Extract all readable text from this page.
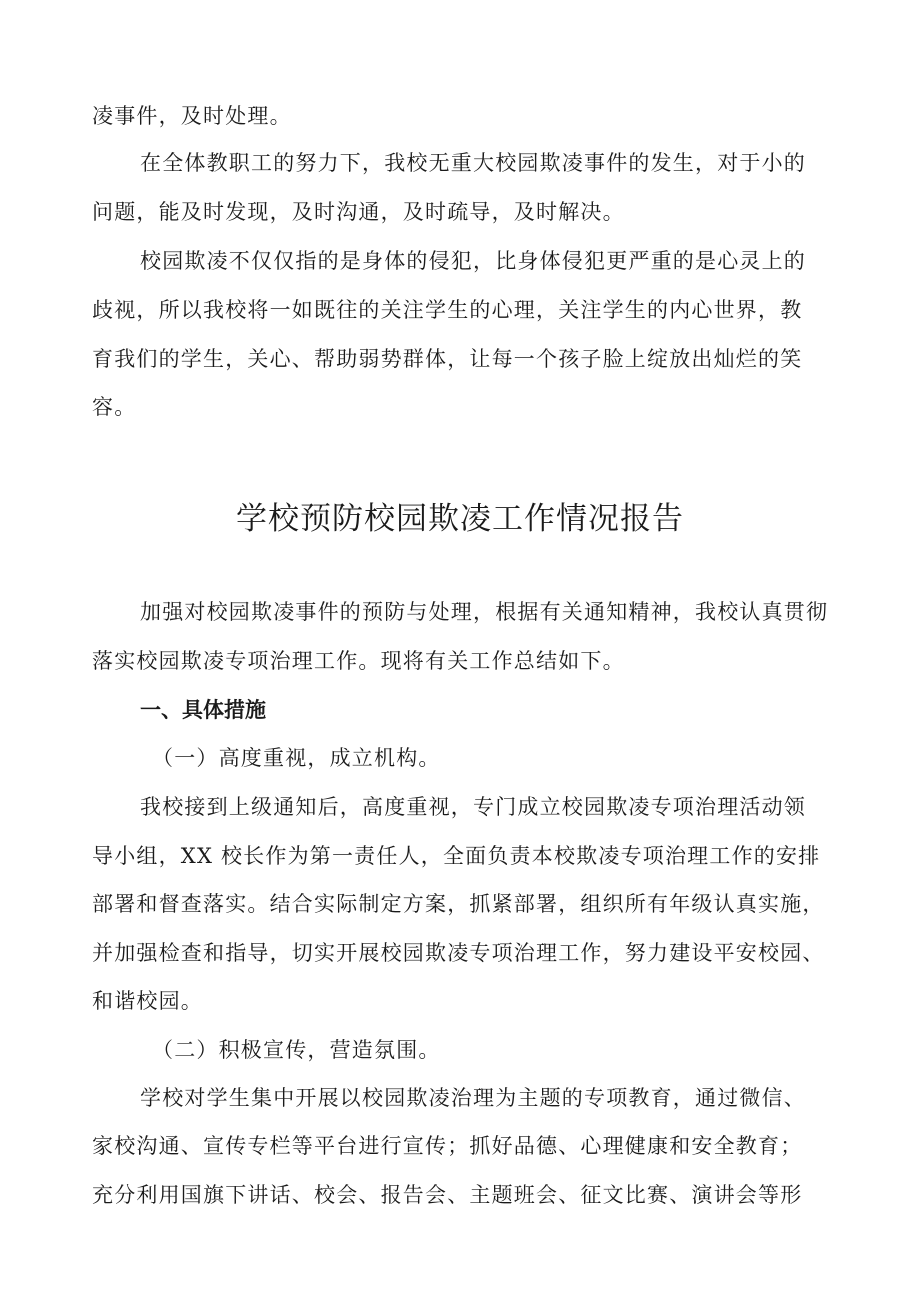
凌事件，及时处理。
在全体教职工的努力下，我校无重大校园欺凌事件的发生，对于小的
问题，能及时发现，及时沟通，及时疏导，及时解决。
校园欺凌不仅仅指的是身体的侵犯，比身体侵犯更严重的是心灵上的
歧视，所以我校将一如既往的关注学生的心理，关注学生的内心世界，教
育我们的学生，关心、帮助弱势群体，让每一个孩子脸上绽放出灿烂的笑
容。
学校预防校园欺凌工作情况报告
加强对校园欺凌事件的预防与处理，根据有关通知精神，我校认真贯彻
落实校园欺凌专项治理工作。现将有关工作总结如下。
一、具体措施
（一）高度重视，成立机构。
我校接到上级通知后，高度重视，专门成立校园欺凌专项治理活动领
导小组，XX 校长作为第一责任人，全面负责本校欺凌专项治理工作的安排
部署和督查落实。结合实际制定方案，抓紧部署，组织所有年级认真实施，
并加强检查和指导，切实开展校园欺凌专项治理工作，努力建设平安校园、
和谐校园。
（二）积极宣传，营造氛围。
学校对学生集中开展以校园欺凌治理为主题的专项教育，通过微信、
家校沟通、宣传专栏等平台进行宣传；抓好品德、心理健康和安全教育；
充分利用国旗下讲话、校会、报告会、主题班会、征文比赛、演讲会等形
